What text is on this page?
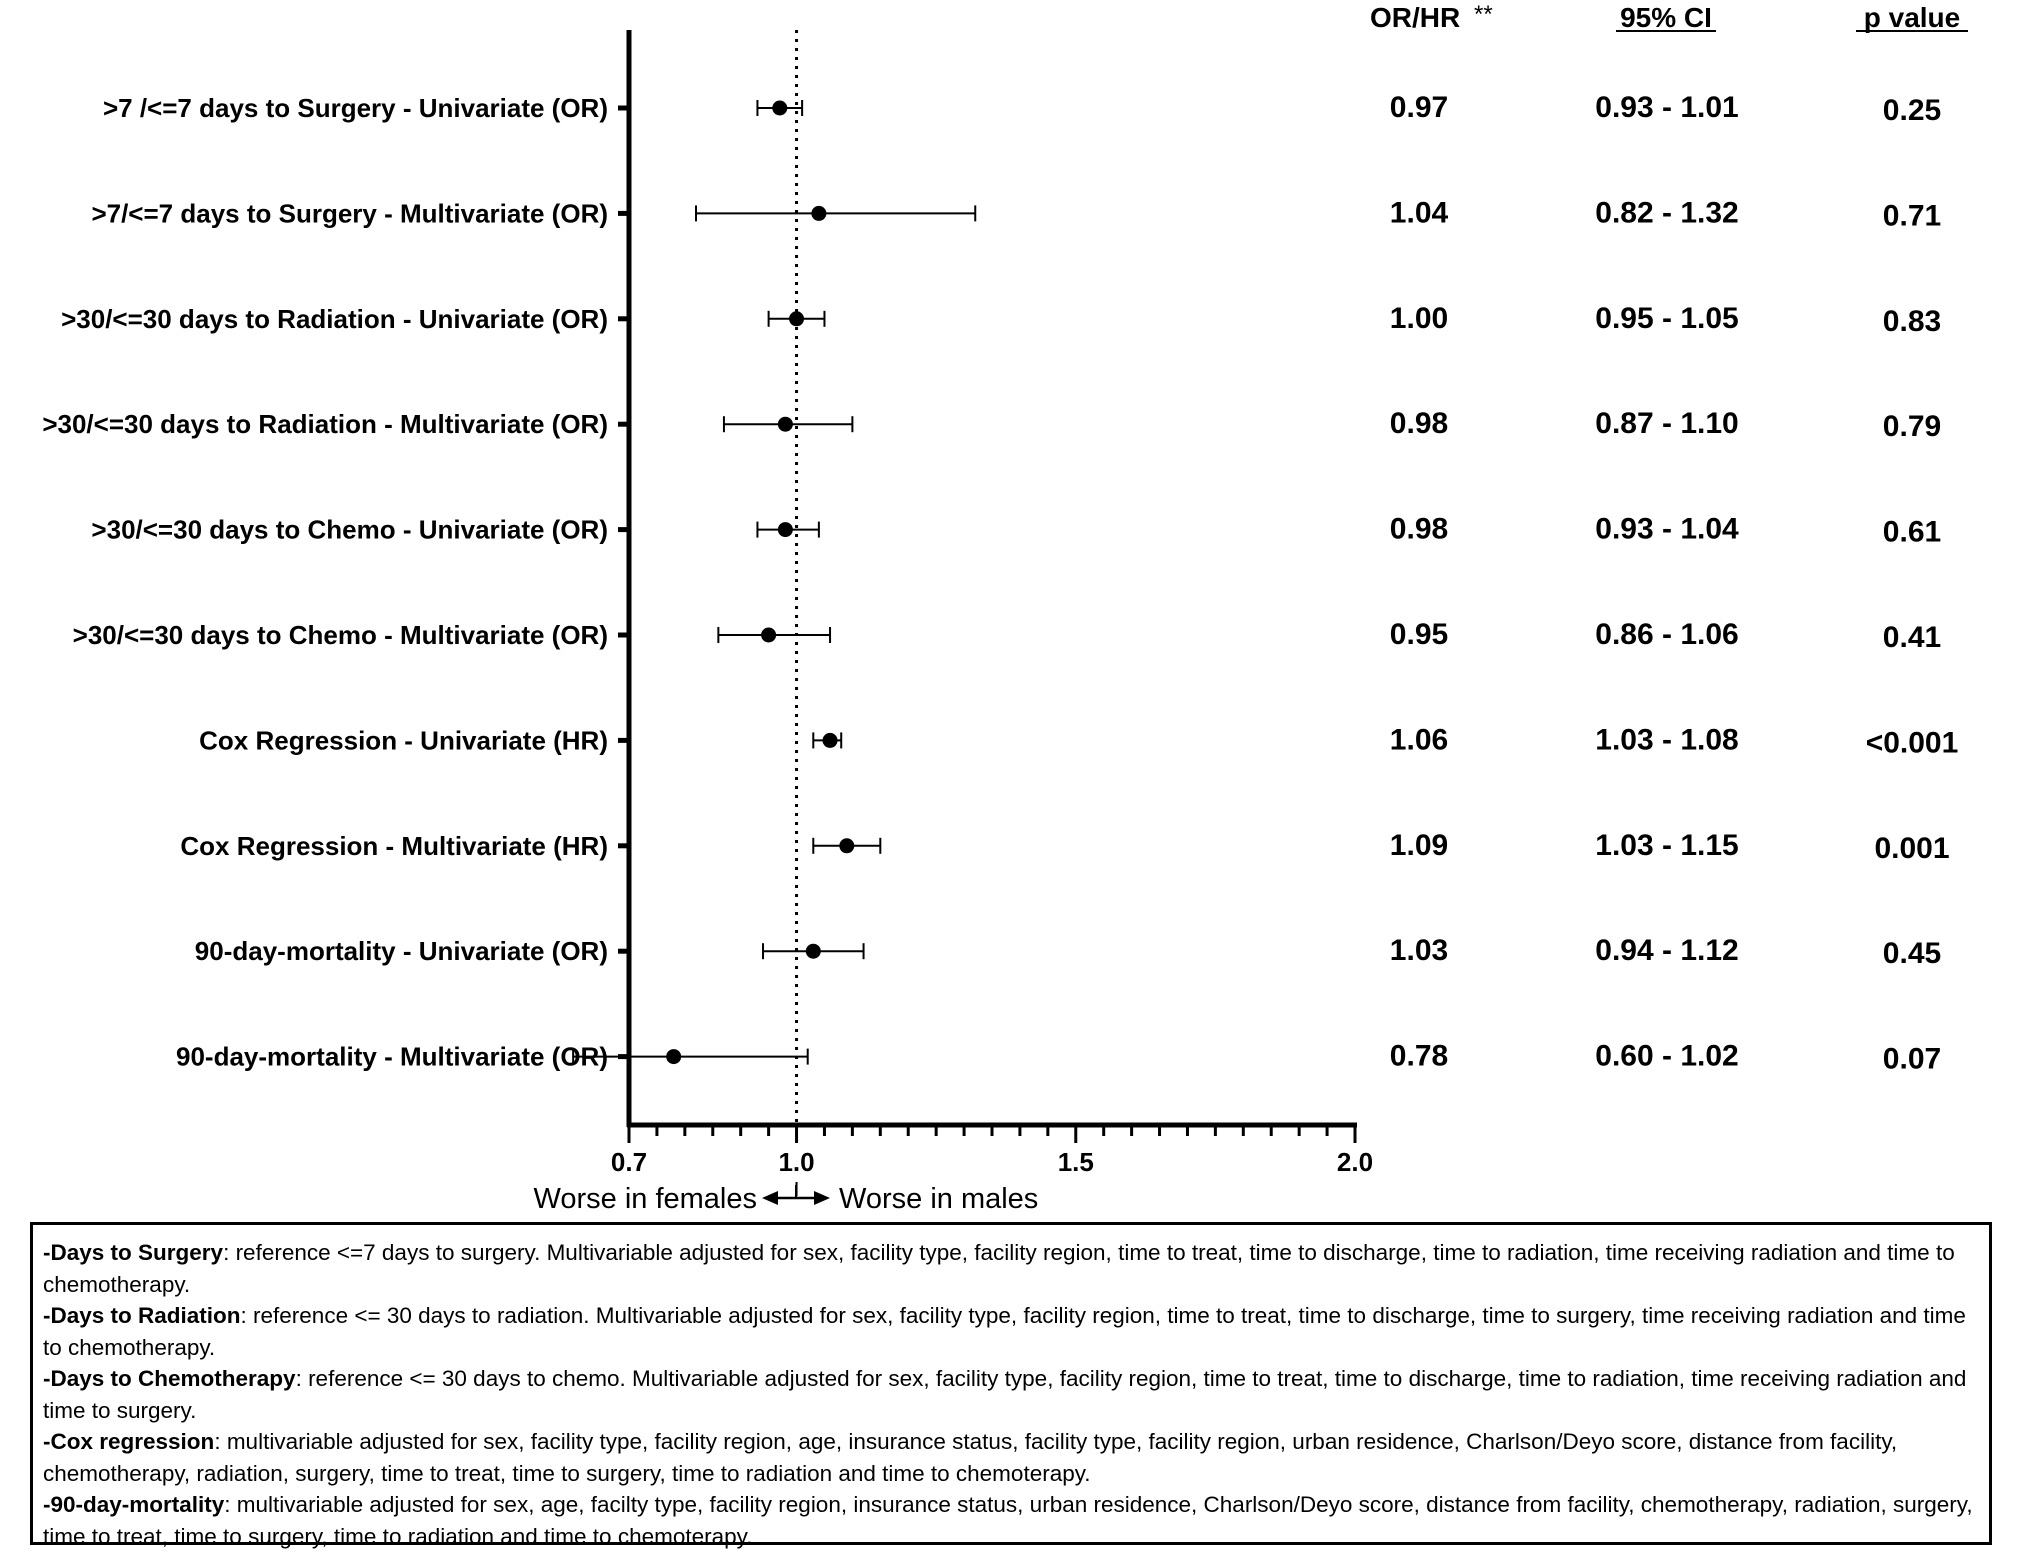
OR/HR **	95% CI	p value
0.7	1.0	1.5	2.0
>7 /<=7 days to Surgery - Univariate (OR)	0.97	0.93 - 1.01	0.25
>7/<=7 days to Surgery - Multivariate (OR)	1.04	0.82 - 1.32	0.71
>30/<=30 days to Radiation - Univariate (OR)	1.00	0.95 - 1.05	0.83
>30/<=30 days to Radiation - Multivariate (OR)	0.98	0.87 - 1.10	0.79
>30/<=30 days to Chemo - Univariate (OR)	0.98	0.93 - 1.04	0.61
>30/<=30 days to Chemo - Multivariate (OR)	0.95	0.86 - 1.06	0.41
Cox Regression - Univariate (HR)	1.06	1.03 - 1.08	<0.001
Cox Regression - Multivariate (HR)	1.09	1.03 - 1.15	0.001
90-day-mortality - Univariate (OR)	1.03	0.94 - 1.12	0.45
90-day-mortality - Multivariate (OR)	0.78	0.60 - 1.02	0.07
Worse in females	Worse in males

-Days to Surgery: reference <=7 days to surgery. Multivariable adjusted for sex, facility type, facility region, time to treat, time to discharge, time to radiation, time receiving radiation and time to chemotherapy.

-Days to Radiation: reference <= 30 days to radiation. Multivariable adjusted for sex, facility type, facility region, time to treat, time to discharge, time to surgery, time receiving radiation and time to chemotherapy.

-Days to Chemotherapy: reference <= 30 days to chemo. Multivariable adjusted for sex, facility type, facility region, time to treat, time to discharge, time to radiation, time receiving radiation and time to surgery.

-Cox regression: multivariable adjusted for sex, facility type, facility region, age, insurance status, facility type, facility region, urban residence, Charlson/Deyo score, distance from facility, chemotherapy, radiation, surgery, time to treat, time to surgery, time to radiation and time to chemoterapy.

-90-day-mortality: multivariable adjusted for sex, age, facilty type, facility region, insurance status, urban residence, Charlson/Deyo score, distance from facility, chemotherapy, radiation, surgery, time to treat, time to surgery, time to radiation and time to chemoterapy.
